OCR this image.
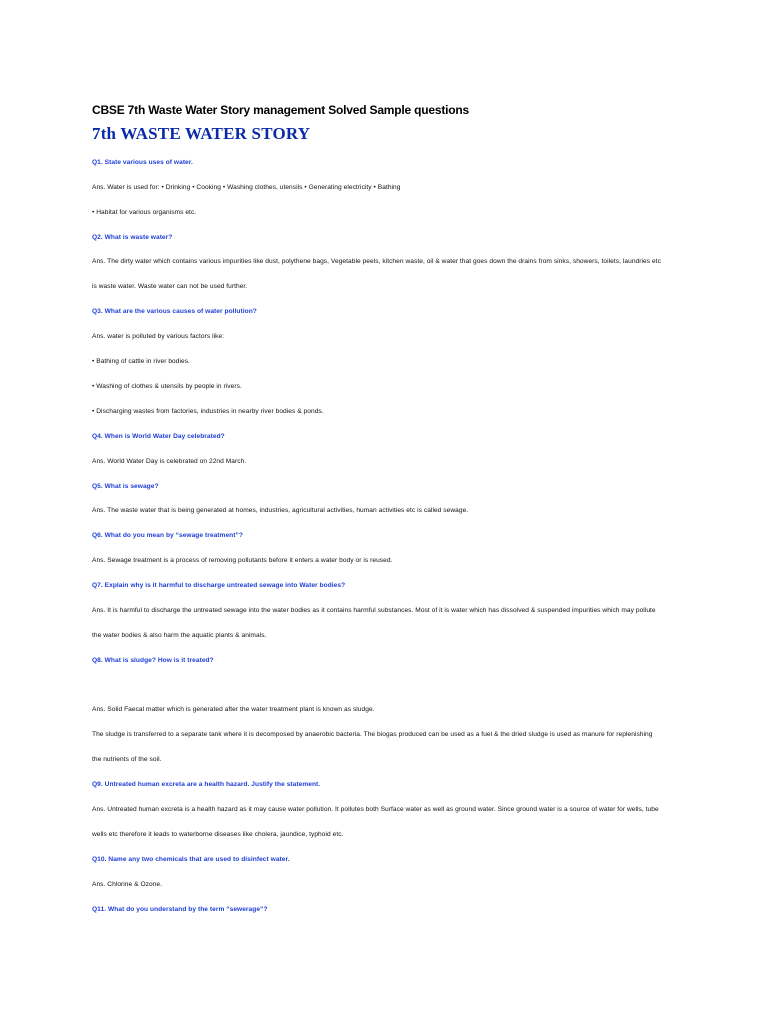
CBSE 7th Waste Water Story management Solved Sample questions
7th WASTE WATER STORY
Q1. State various uses of water.
Ans. Water is used for: • Drinking • Cooking • Washing clothes, utensils • Generating electricity • Bathing
• Habitat for various organisms etc.
Q2. What is waste water?
Ans. The dirty water which contains various impurities like dust, polythene bags, Vegetable peels, kitchen waste, oil & water that goes down the drains from sinks, showers, toilets, laundries etc
is waste water. Waste water can not be used further.
Q3. What are the various causes of water pollution?
Ans. water is polluted by various factors like:
• Bathing of cattle in river bodies.
• Washing of clothes & utensils by people in rivers.
• Discharging wastes from factories, industries in nearby river bodies & ponds.
Q4. When is World Water Day celebrated?
Ans. World Water Day is celebrated on 22nd March.
Q5. What is sewage?
Ans. The waste water that is being generated at homes, industries, agricultural activities, human activities etc is called sewage.
Q6. What do you mean by “sewage treatment”?
Ans. Sewage treatment is a process of removing pollutants before it enters a water body or is reused.
Q7. Explain why is it harmful to discharge untreated sewage into Water bodies?
Ans. It is harmful to discharge the untreated sewage into the water bodies as it contains harmful substances. Most of it is water which has dissolved & suspended impurities which may pollute
the water bodies & also harm the aquatic plants & animals.
Q8. What is sludge? How is it treated?
Ans. Solid Faecal matter which is generated after the water treatment plant is known as sludge.
The sludge is transferred to a separate tank where it is decomposed by anaerobic bacteria. The biogas produced can be used as a fuel & the dried sludge is used as manure for replenishing
the nutrients of the soil.
Q9. Untreated human excreta are a health hazard. Justify the statement.
Ans. Untreated human excreta is a health hazard as it may cause water pollution. It pollutes both Surface water as well as ground water. Since ground water is a source of water for wells, tube
wells etc therefore it leads to waterborne diseases like cholera, jaundice, typhoid etc.
Q10. Name any two chemicals that are used to disinfect water.
Ans. Chlorine & Ozone.
Q11. What do you understand by the term “sewerage”?
